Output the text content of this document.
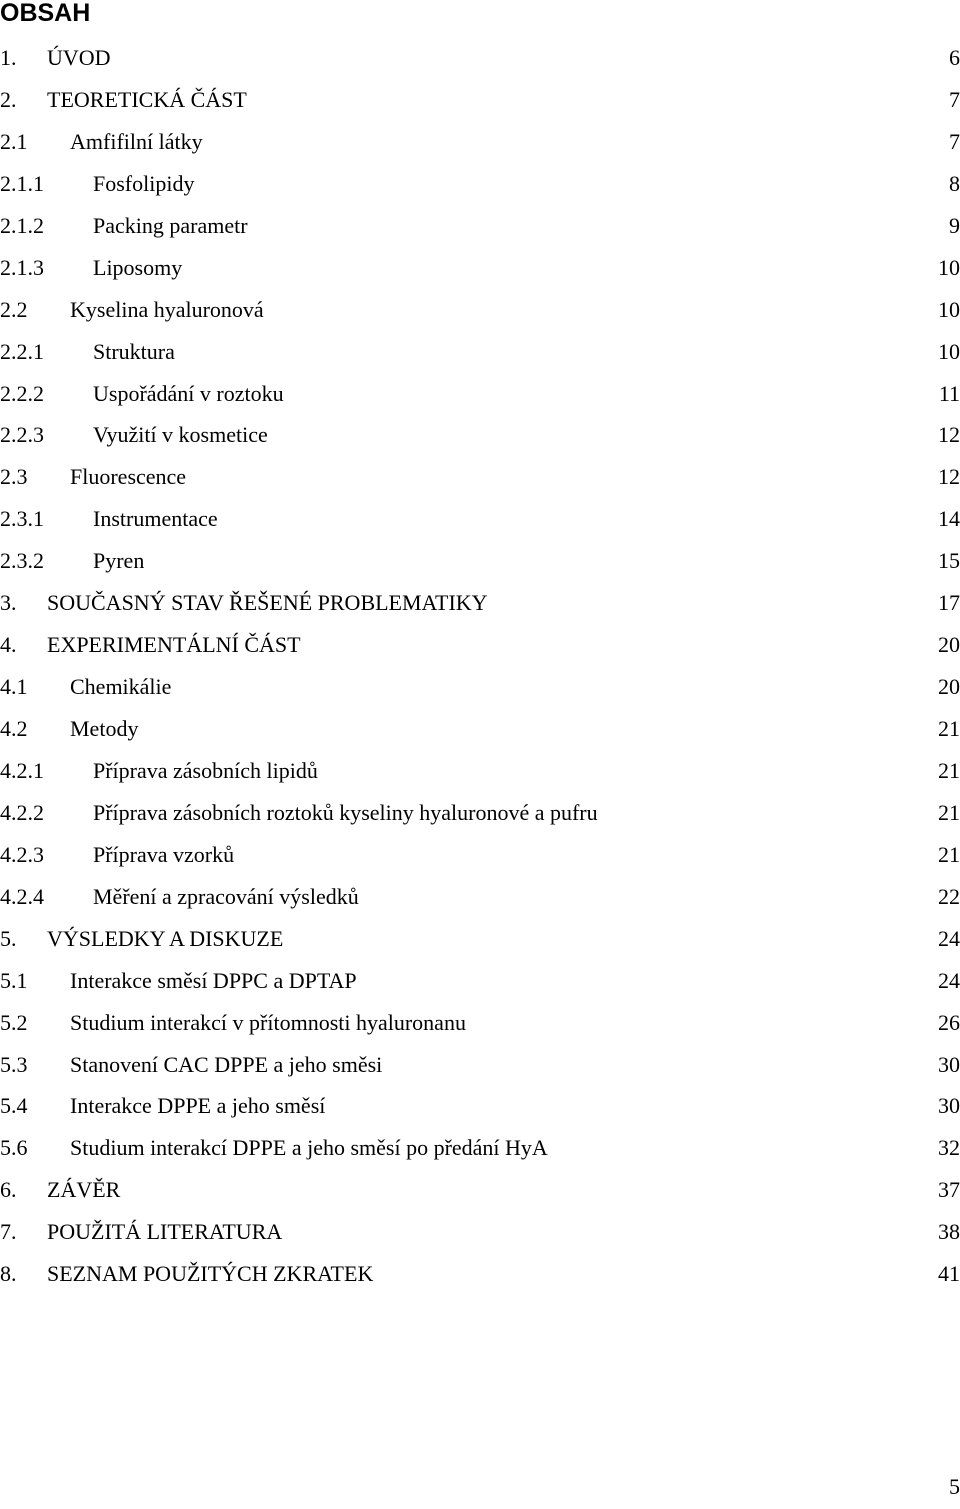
OBSAH
1. ÚVOD	6
2. TEORETICKÁ ČÁST	7
2.1 Amfifilní látky	7
2.1.1 Fosfolipidy	8
2.1.2 Packing parametr	9
2.1.3 Liposomy	10
2.2 Kyselina hyaluronová	10
2.2.1 Struktura	10
2.2.2 Uspořádání v roztoku	11
2.2.3 Využití v kosmetice	12
2.3 Fluorescence	12
2.3.1 Instrumentace	14
2.3.2 Pyren	15
3. SOUČASNÝ STAV ŘEŠENÉ PROBLEMATIKY	17
4. EXPERIMENTÁLNÍ ČÁST	20
4.1 Chemikálie	20
4.2 Metody	21
4.2.1 Příprava zásobních lipidů	21
4.2.2 Příprava zásobních roztoků kyseliny hyaluronové a pufru	21
4.2.3 Příprava vzorků	21
4.2.4 Měření a zpracování výsledků	22
5. VÝSLEDKY A DISKUZE	24
5.1 Interakce směsí DPPC a DPTAP	24
5.2 Studium interakcí v přítomnosti hyaluronanu	26
5.3 Stanovení CAC DPPE a jeho směsi	30
5.4 Interakce DPPE a jeho směsí	30
5.6 Studium interakcí DPPE a jeho směsí po předání HyA	32
6. ZÁVĚR	37
7. POUŽITÁ LITERATURA	38
8. SEZNAM POUŽITÝCH ZKRATEK	41
5
